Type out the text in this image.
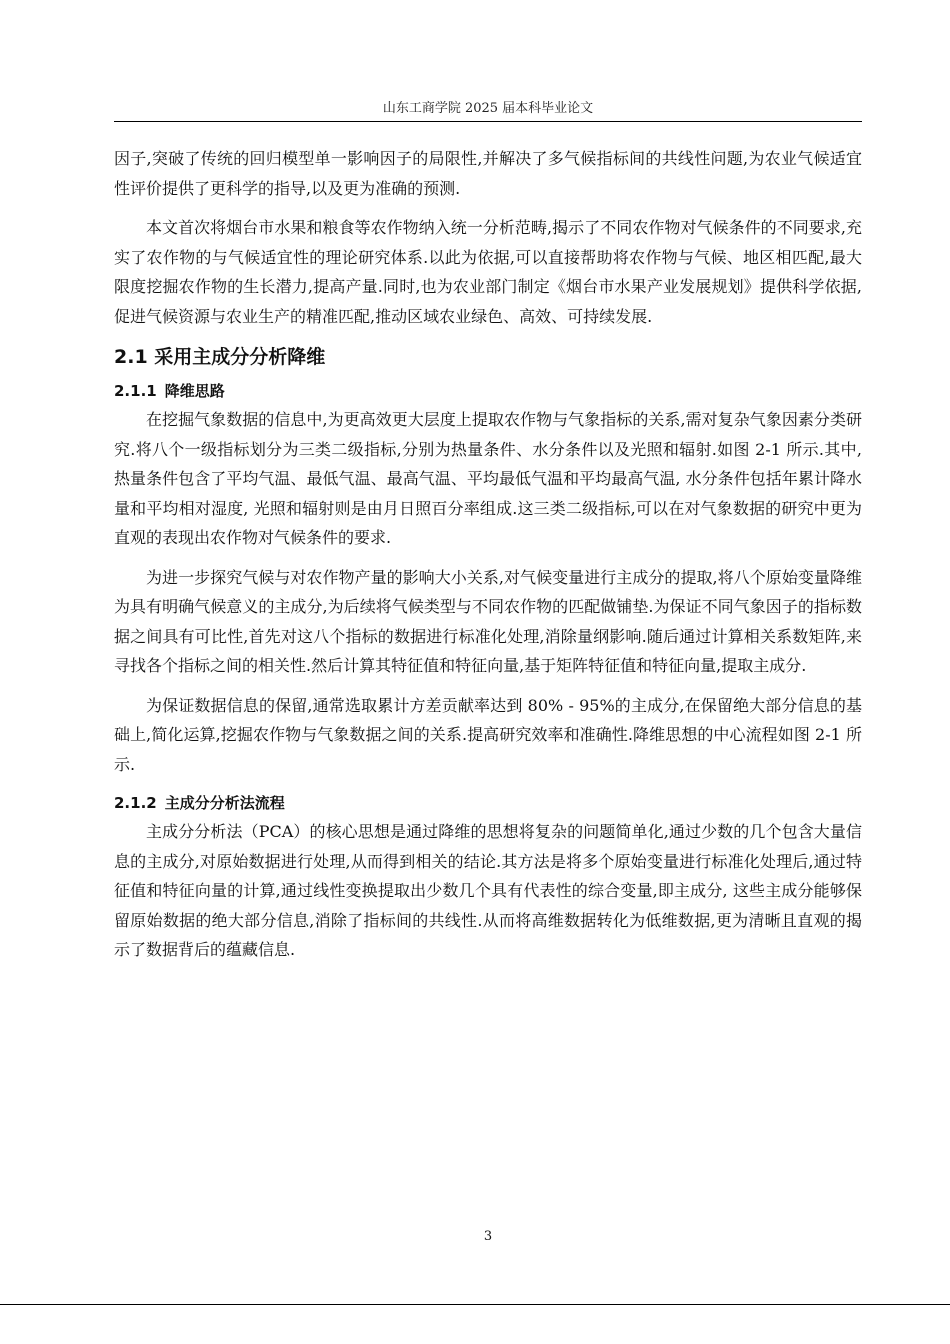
山东工商学院 2025 届本科毕业论文

因子,突破了传统的回归模型单一影响因子的局限性,并解决了多气候指标间的共线性问题,为农业气候适宜性评价提供了更科学的指导,以及更为准确的预测.

本文首次将烟台市水果和粮食等农作物纳入统一分析范畴,揭示了不同农作物对气候条件的不同要求,充实了农作物的与气候适宜性的理论研究体系.以此为依据,可以直接帮助将农作物与气候、地区相匹配,最大限度挖掘农作物的生长潜力,提高产量.同时,也为农业部门制定《烟台市水果产业发展规划》提供科学依据,促进气候资源与农业生产的精准匹配,推动区域农业绿色、高效、可持续发展.

2.1 采用主成分分析降维
2.1.1 降维思路

在挖掘气象数据的信息中,为更高效更大层度上提取农作物与气象指标的关系,需对复杂气象因素分类研究.将八个一级指标划分为三类二级指标,分别为热量条件、水分条件以及光照和辐射.如图 2-1 所示.其中,热量条件包含了平均气温、最低气温、最高气温、平均最低气温和平均最高气温, 水分条件包括年累计降水量和平均相对湿度, 光照和辐射则是由月日照百分率组成.这三类二级指标,可以在对气象数据的研究中更为直观的表现出农作物对气候条件的要求.

为进一步探究气候与对农作物产量的影响大小关系,对气候变量进行主成分的提取,将八个原始变量降维为具有明确气候意义的主成分,为后续将气候类型与不同农作物的匹配做铺垫.为保证不同气象因子的指标数据之间具有可比性,首先对这八个指标的数据进行标准化处理,消除量纲影响.随后通过计算相关系数矩阵,来寻找各个指标之间的相关性.然后计算其特征值和特征向量,基于矩阵特征值和特征向量,提取主成分.

为保证数据信息的保留,通常选取累计方差贡献率达到 80% - 95%的主成分,在保留绝大部分信息的基础上,简化运算,挖掘农作物与气象数据之间的关系.提高研究效率和准确性.降维思想的中心流程如图 2-1 所示.

2.1.2 主成分分析法流程

主成分分析法（PCA）的核心思想是通过降维的思想将复杂的问题简单化,通过少数的几个包含大量信息的主成分,对原始数据进行处理,从而得到相关的结论.其方法是将多个原始变量进行标准化处理后,通过特征值和特征向量的计算,通过线性变换提取出少数几个具有代表性的综合变量,即主成分, 这些主成分能够保留原始数据的绝大部分信息,消除了指标间的共线性.从而将高维数据转化为低维数据,更为清晰且直观的揭示了数据背后的蕴藏信息.

3
